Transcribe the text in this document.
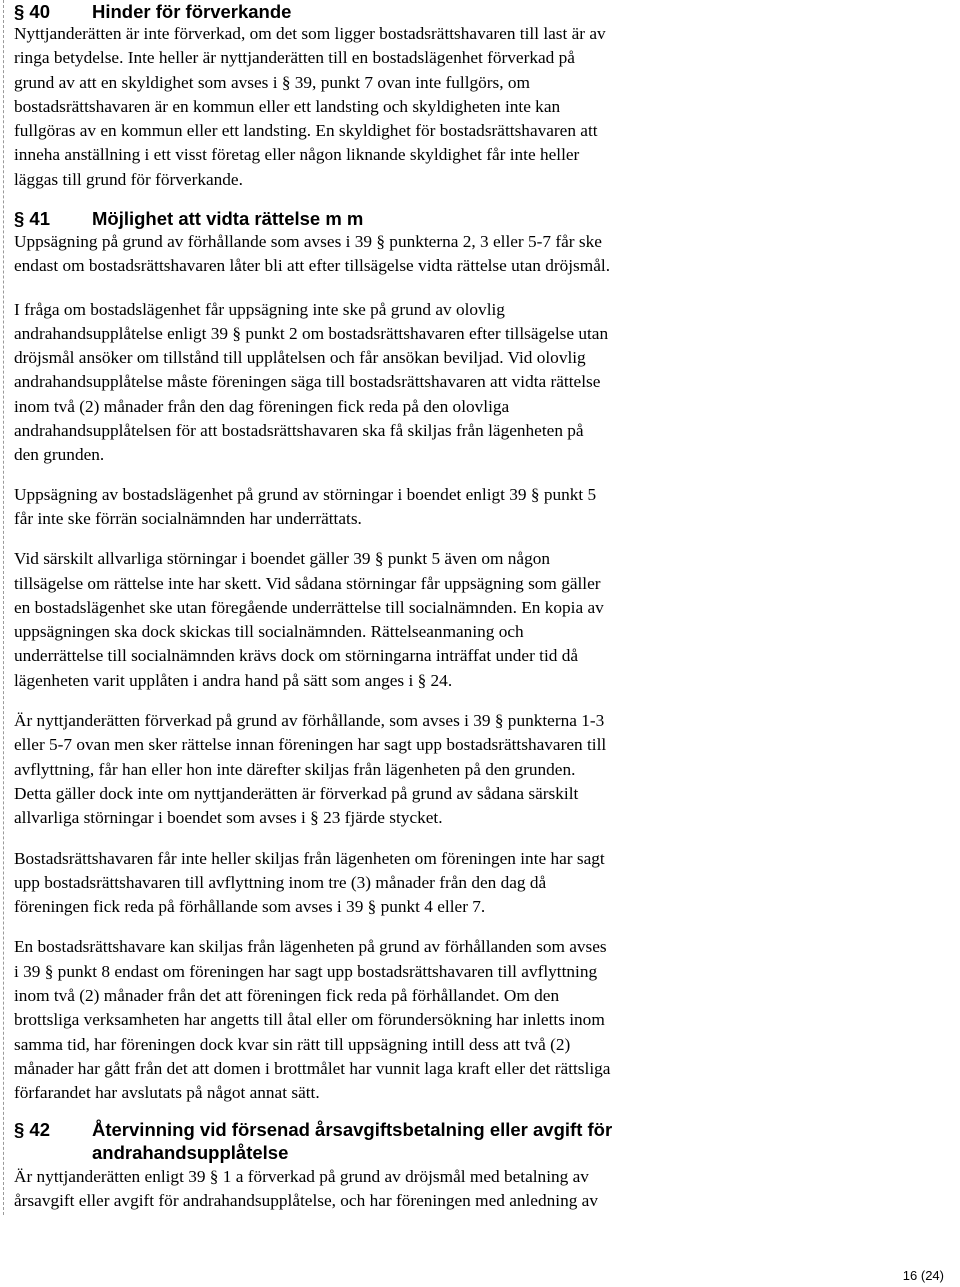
§ 40	Hinder för förverkande

Nyttjanderätten är inte förverkad, om det som ligger bostadsrättshavaren till last är av
ringa betydelse. Inte heller är nyttjanderätten till en bostadslägenhet förverkad på
grund av att en skyldighet som avses i § 39, punkt 7 ovan inte fullgörs, om
bostadsrättshavaren är en kommun eller ett landsting och skyldigheten inte kan
fullgöras av en kommun eller ett landsting. En skyldighet för bostadsrättshavaren att
inneha anställning i ett visst företag eller någon liknande skyldighet får inte heller
läggas till grund för förverkande.

§ 41	Möjlighet att vidta rättelse m m

Uppsägning på grund av förhållande som avses i 39 § punkterna 2, 3 eller 5-7 får ske
endast om bostadsrättshavaren låter bli att efter tillsägelse vidta rättelse utan dröjsmål.

I fråga om bostadslägenhet får uppsägning inte ske på grund av olovlig
andrahandsupplåtelse enligt 39 § punkt 2 om bostadsrättshavaren efter tillsägelse utan
dröjsmål ansöker om tillstånd till upplåtelsen och får ansökan beviljad. Vid olovlig
andrahandsupplåtelse måste föreningen säga till bostadsrättshavaren att vidta rättelse
inom två (2) månader från den dag föreningen fick reda på den olovliga
andrahandsupplåtelsen för att bostadsrättshavaren ska få skiljas från lägenheten på
den grunden.

Uppsägning av bostadslägenhet på grund av störningar i boendet enligt 39 § punkt 5
får inte ske förrän socialnämnden har underrättats.

Vid särskilt allvarliga störningar i boendet gäller 39 § punkt 5 även om någon
tillsägelse om rättelse inte har skett. Vid sådana störningar får uppsägning som gäller
en bostadslägenhet ske utan föregående underrättelse till socialnämnden. En kopia av
uppsägningen ska dock skickas till socialnämnden. Rättelseanmaning och
underrättelse till socialnämnden krävs dock om störningarna inträffat under tid då
lägenheten varit upplåten i andra hand på sätt som anges i § 24.

Är nyttjanderätten förverkad på grund av förhållande, som avses i 39 § punkterna 1-3
eller 5-7 ovan men sker rättelse innan föreningen har sagt upp bostadsrättshavaren till
avflyttning, får han eller hon inte därefter skiljas från lägenheten på den grunden.
Detta gäller dock inte om nyttjanderätten är förverkad på grund av sådana särskilt
allvarliga störningar i boendet som avses i § 23 fjärde stycket.

Bostadsrättshavaren får inte heller skiljas från lägenheten om föreningen inte har sagt
upp bostadsrättshavaren till avflyttning inom tre (3) månader från den dag då
föreningen fick reda på förhållande som avses i 39 § punkt 4 eller 7.

En bostadsrättshavare kan skiljas från lägenheten på grund av förhållanden som avses
i 39 § punkt 8 endast om föreningen har sagt upp bostadsrättshavaren till avflyttning
inom två (2) månader från det att föreningen fick reda på förhållandet. Om den
brottsliga verksamheten har angetts till åtal eller om förundersökning har inletts inom
samma tid, har föreningen dock kvar sin rätt till uppsägning intill dess att två (2)
månader har gått från det att domen i brottmålet har vunnit laga kraft eller det rättsliga
förfarandet har avslutats på något annat sätt.

§ 42	Återvinning vid försenad årsavgiftsbetalning eller avgift för
andrahandsupplåtelse

Är nyttjanderätten enligt 39 § 1 a förverkad på grund av dröjsmål med betalning av
årsavgift eller avgift för andrahandsupplåtelse, och har föreningen med anledning av

16 (24)
